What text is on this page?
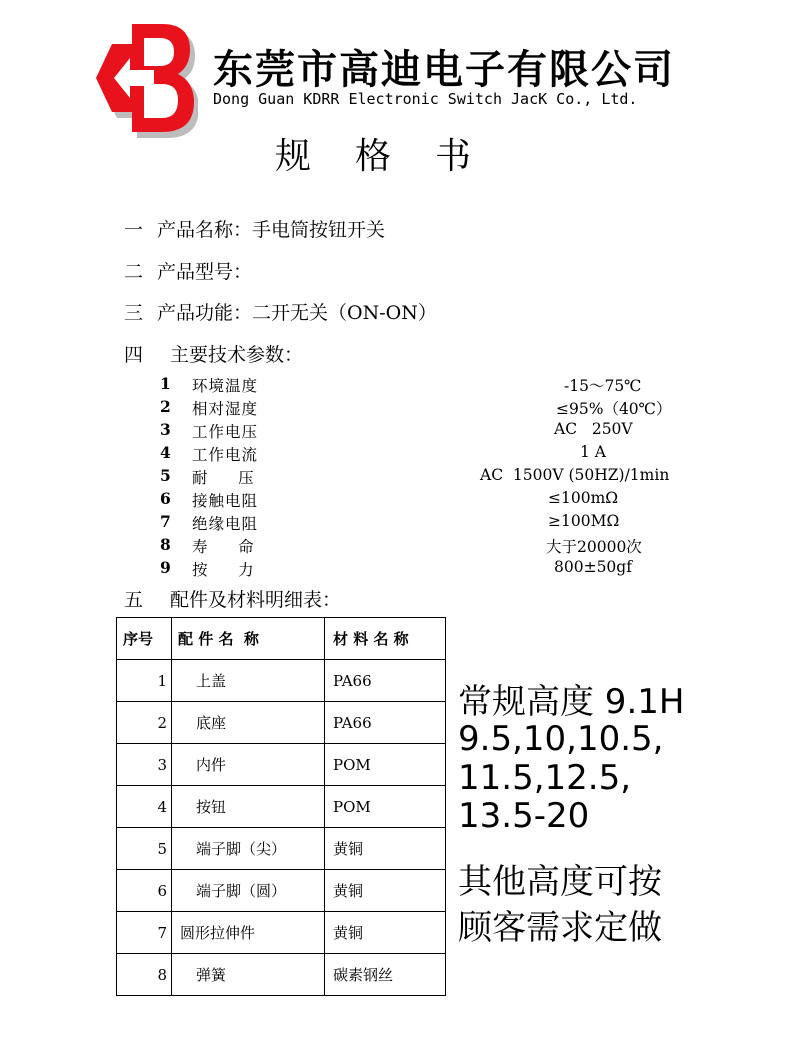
东莞市高迪电子有限公司
Dong Guan KDRR Electronic Switch JacK Co., Ltd.
规格书
一 产品名称：手电筒按钮开关
二 产品型号：
三 产品功能：二开无关（ON-ON）
四 主要技术参数：
1 环境温度	-15～75℃
2 相对湿度	≤95%（40℃）
3 工作电压	AC   250V
4 工作电流	1 A
5 耐     压	AC  1500V (50HZ)/1min
6 接触电阻	≤100mΩ
7 绝缘电阻	≥100MΩ
8 寿     命	大于20000次
9 按     力	800±50gf
五 配件及材料明细表：
序号	配 件 名  称	材 料 名 称
1	上盖	PA66
2	底座	PA66
3	内件	POM
4	按钮	POM
5	端子脚（尖）	黄铜
6	端子脚（圆）	黄铜
7	圆形拉伸件	黄铜
8	弹簧	碳素钢丝
常规高度 9.1H
9.5,10,10.5,
11.5,12.5,
13.5-20
其他高度可按
顾客需求定做
